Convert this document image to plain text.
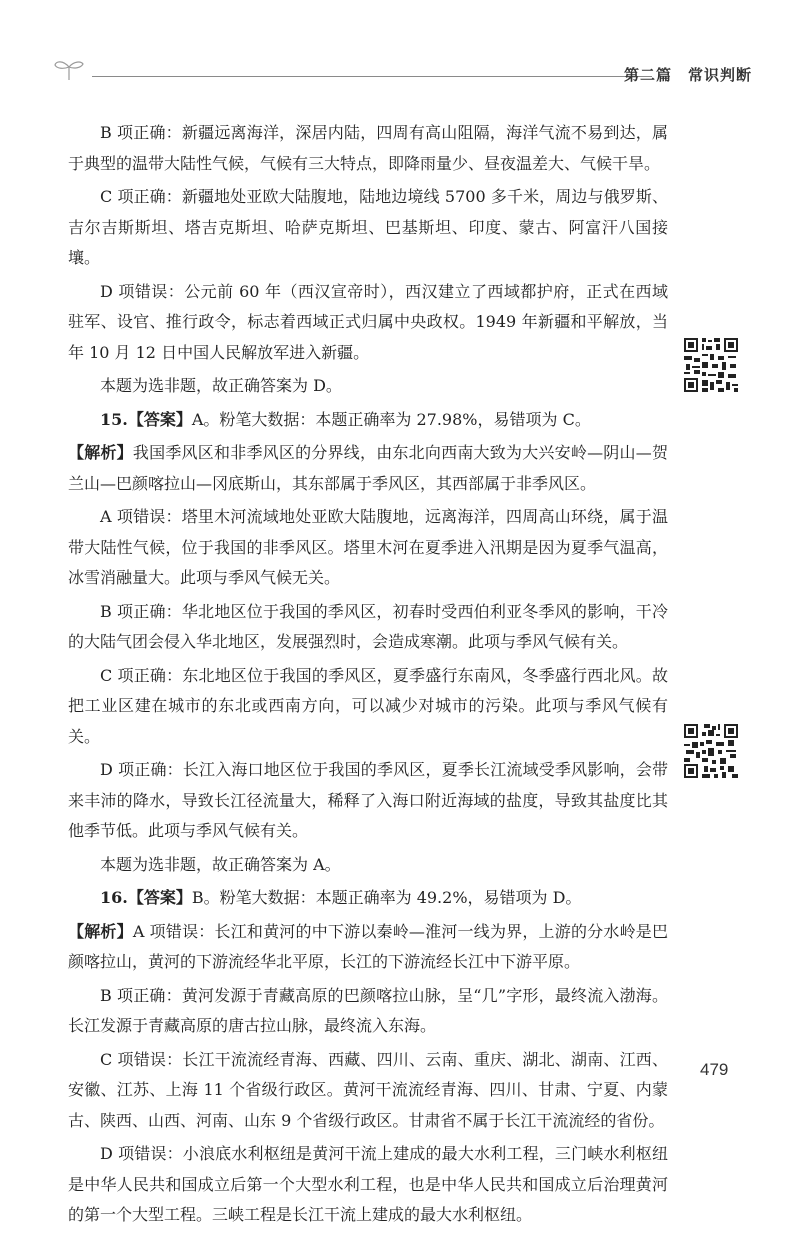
第二篇　常识判断

B 项正确：新疆远离海洋，深居内陆，四周有高山阻隔，海洋气流不易到达，属于典型的温带大陆性气候，气候有三大特点，即降雨量少、昼夜温差大、气候干旱。

C 项正确：新疆地处亚欧大陆腹地，陆地边境线 5700 多千米，周边与俄罗斯、吉尔吉斯斯坦、塔吉克斯坦、哈萨克斯坦、巴基斯坦、印度、蒙古、阿富汗八国接壤。

D 项错误：公元前 60 年（西汉宣帝时），西汉建立了西域都护府，正式在西域驻军、设官、推行政令，标志着西域正式归属中央政权。1949 年新疆和平解放，当年 10 月 12 日中国人民解放军进入新疆。

本题为选非题，故正确答案为 D。

15.【答案】A。粉笔大数据：本题正确率为 27.98%，易错项为 C。

【解析】我国季风区和非季风区的分界线，由东北向西南大致为大兴安岭—阴山—贺兰山—巴颜喀拉山—冈底斯山，其东部属于季风区，其西部属于非季风区。

A 项错误：塔里木河流域地处亚欧大陆腹地，远离海洋，四周高山环绕，属于温带大陆性气候，位于我国的非季风区。塔里木河在夏季进入汛期是因为夏季气温高，冰雪消融量大。此项与季风气候无关。

B 项正确：华北地区位于我国的季风区，初春时受西伯利亚冬季风的影响，干冷的大陆气团会侵入华北地区，发展强烈时，会造成寒潮。此项与季风气候有关。

C 项正确：东北地区位于我国的季风区，夏季盛行东南风，冬季盛行西北风。故把工业区建在城市的东北或西南方向，可以减少对城市的污染。此项与季风气候有关。

D 项正确：长江入海口地区位于我国的季风区，夏季长江流域受季风影响，会带来丰沛的降水，导致长江径流量大，稀释了入海口附近海域的盐度，导致其盐度比其他季节低。此项与季风气候有关。

本题为选非题，故正确答案为 A。

16.【答案】B。粉笔大数据：本题正确率为 49.2%，易错项为 D。

【解析】A 项错误：长江和黄河的中下游以秦岭—淮河一线为界，上游的分水岭是巴颜喀拉山，黄河的下游流经华北平原，长江的下游流经长江中下游平原。

B 项正确：黄河发源于青藏高原的巴颜喀拉山脉，呈“几”字形，最终流入渤海。长江发源于青藏高原的唐古拉山脉，最终流入东海。

C 项错误：长江干流流经青海、西藏、四川、云南、重庆、湖北、湖南、江西、安徽、江苏、上海 11 个省级行政区。黄河干流流经青海、四川、甘肃、宁夏、内蒙古、陕西、山西、河南、山东 9 个省级行政区。甘肃省不属于长江干流流经的省份。

D 项错误：小浪底水利枢纽是黄河干流上建成的最大水利工程，三门峡水利枢纽是中华人民共和国成立后第一个大型水利工程，也是中华人民共和国成立后治理黄河的第一个大型工程。三峡工程是长江干流上建成的最大水利枢纽。

479
